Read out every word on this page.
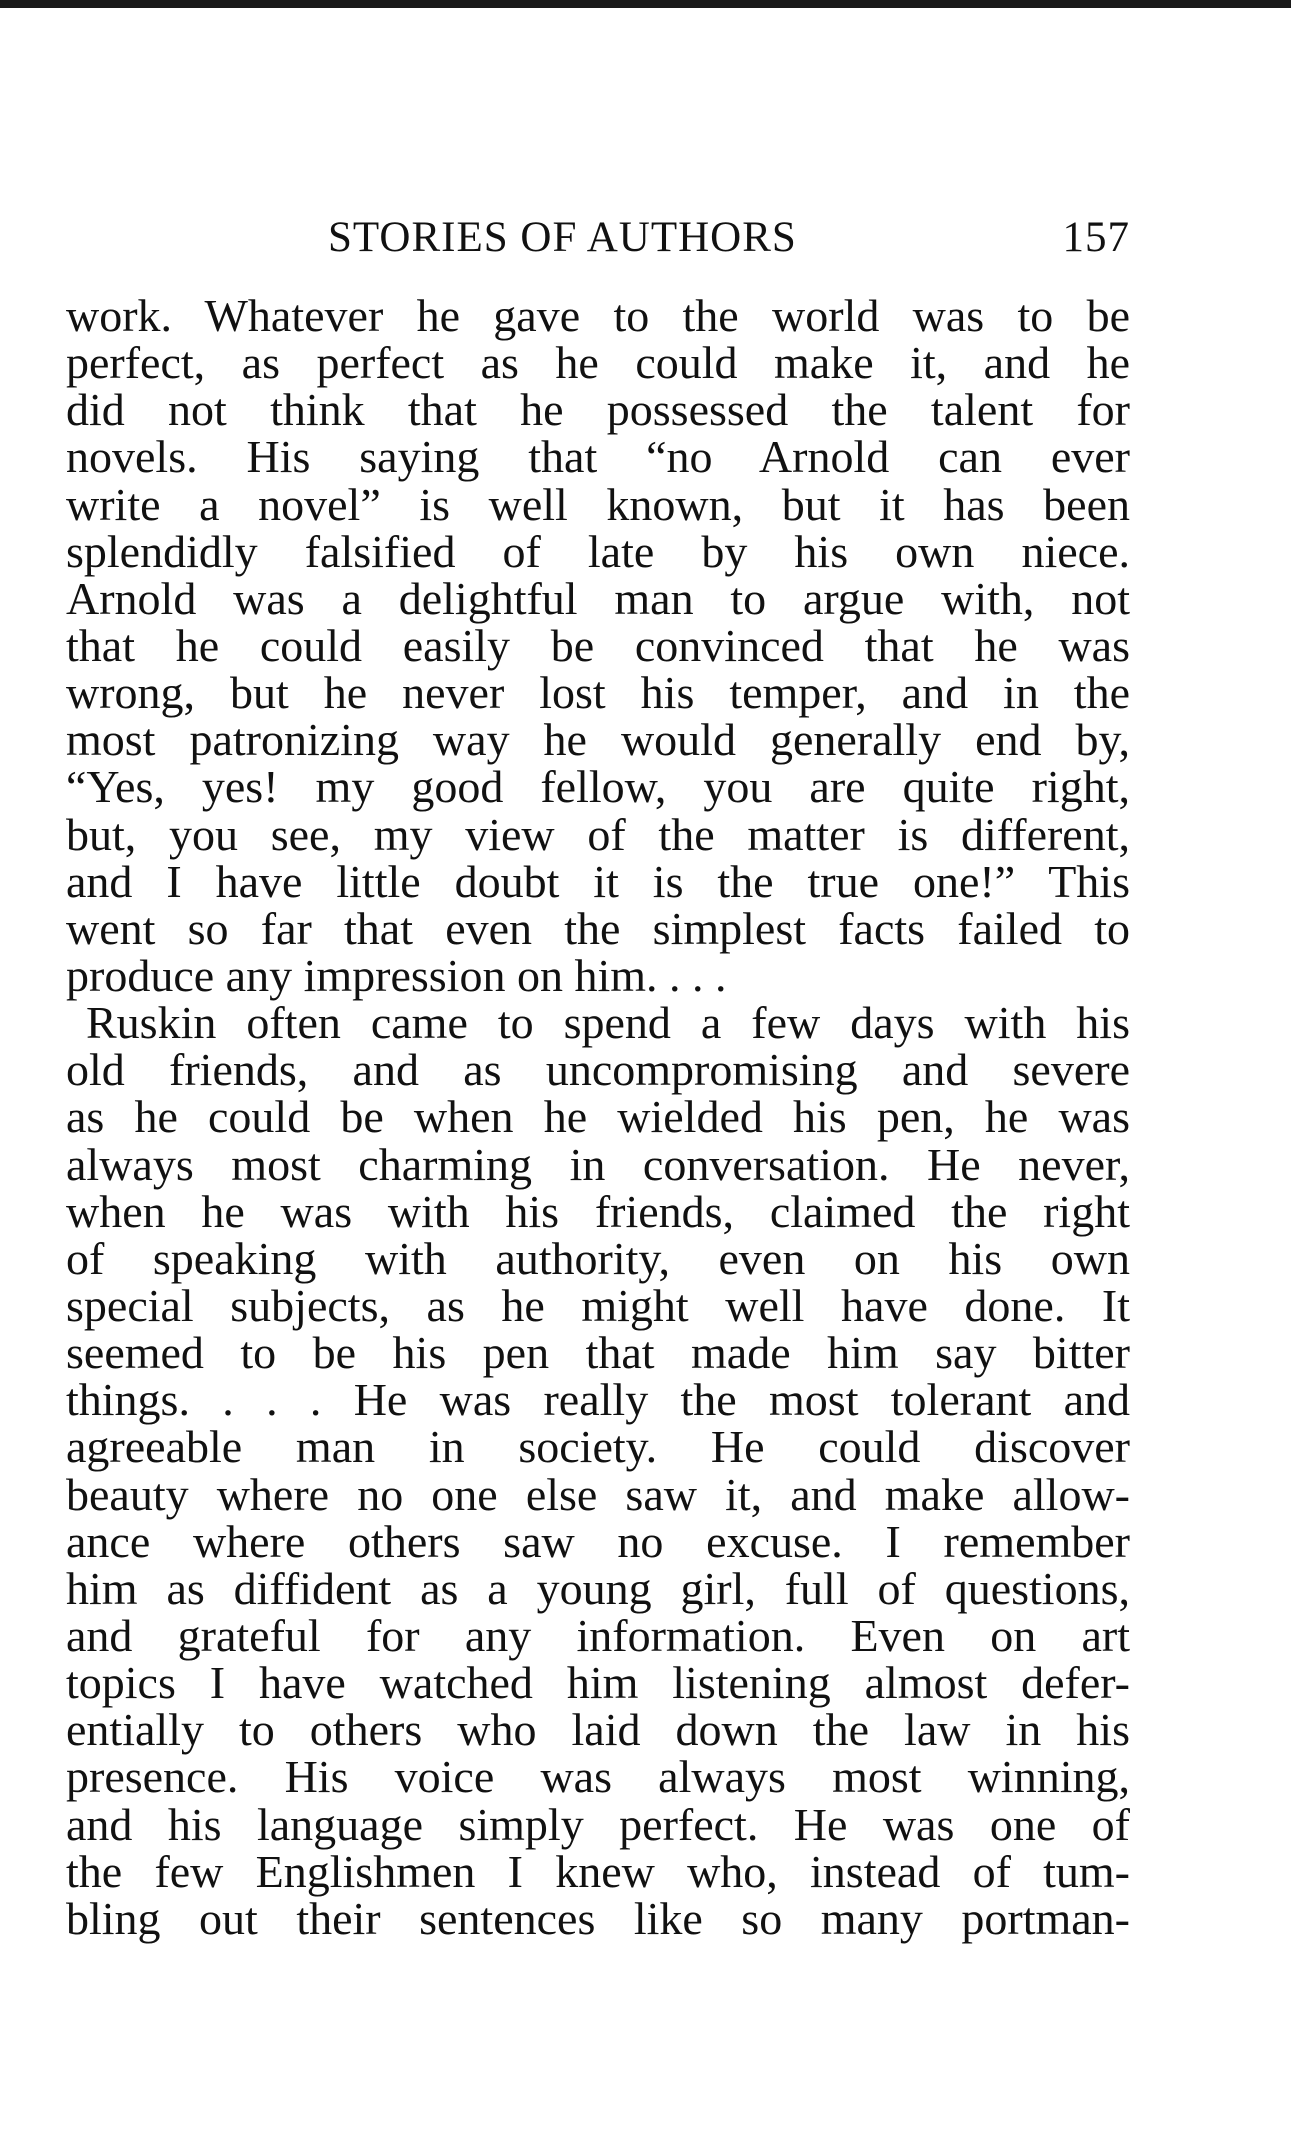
STORIES OF AUTHORS	157
work. Whatever he gave to the world was to be
perfect, as perfect as he could make it, and he
did not think that he possessed the talent for
novels. His saying that “no Arnold can ever
write a novel” is well known, but it has been
splendidly falsified of late by his own niece.
Arnold was a delightful man to argue with, not
that he could easily be convinced that he was
wrong, but he never lost his temper, and in the
most patronizing way he would generally end by,
“Yes, yes! my good fellow, you are quite right,
but, you see, my view of the matter is different,
and I have little doubt it is the true one!” This
went so far that even the simplest facts failed to
produce any impression on him. . . .
Ruskin often came to spend a few days with his
old friends, and as uncompromising and severe
as he could be when he wielded his pen, he was
always most charming in conversation. He never,
when he was with his friends, claimed the right
of speaking with authority, even on his own
special subjects, as he might well have done. It
seemed to be his pen that made him say bitter
things. . . . He was really the most tolerant and
agreeable man in society. He could discover
beauty where no one else saw it, and make allow-
ance where others saw no excuse. I remember
him as diffident as a young girl, full of questions,
and grateful for any information. Even on art
topics I have watched him listening almost defer-
entially to others who laid down the law in his
presence. His voice was always most winning,
and his language simply perfect. He was one of
the few Englishmen I knew who, instead of tum-
bling out their sentences like so many portman-
